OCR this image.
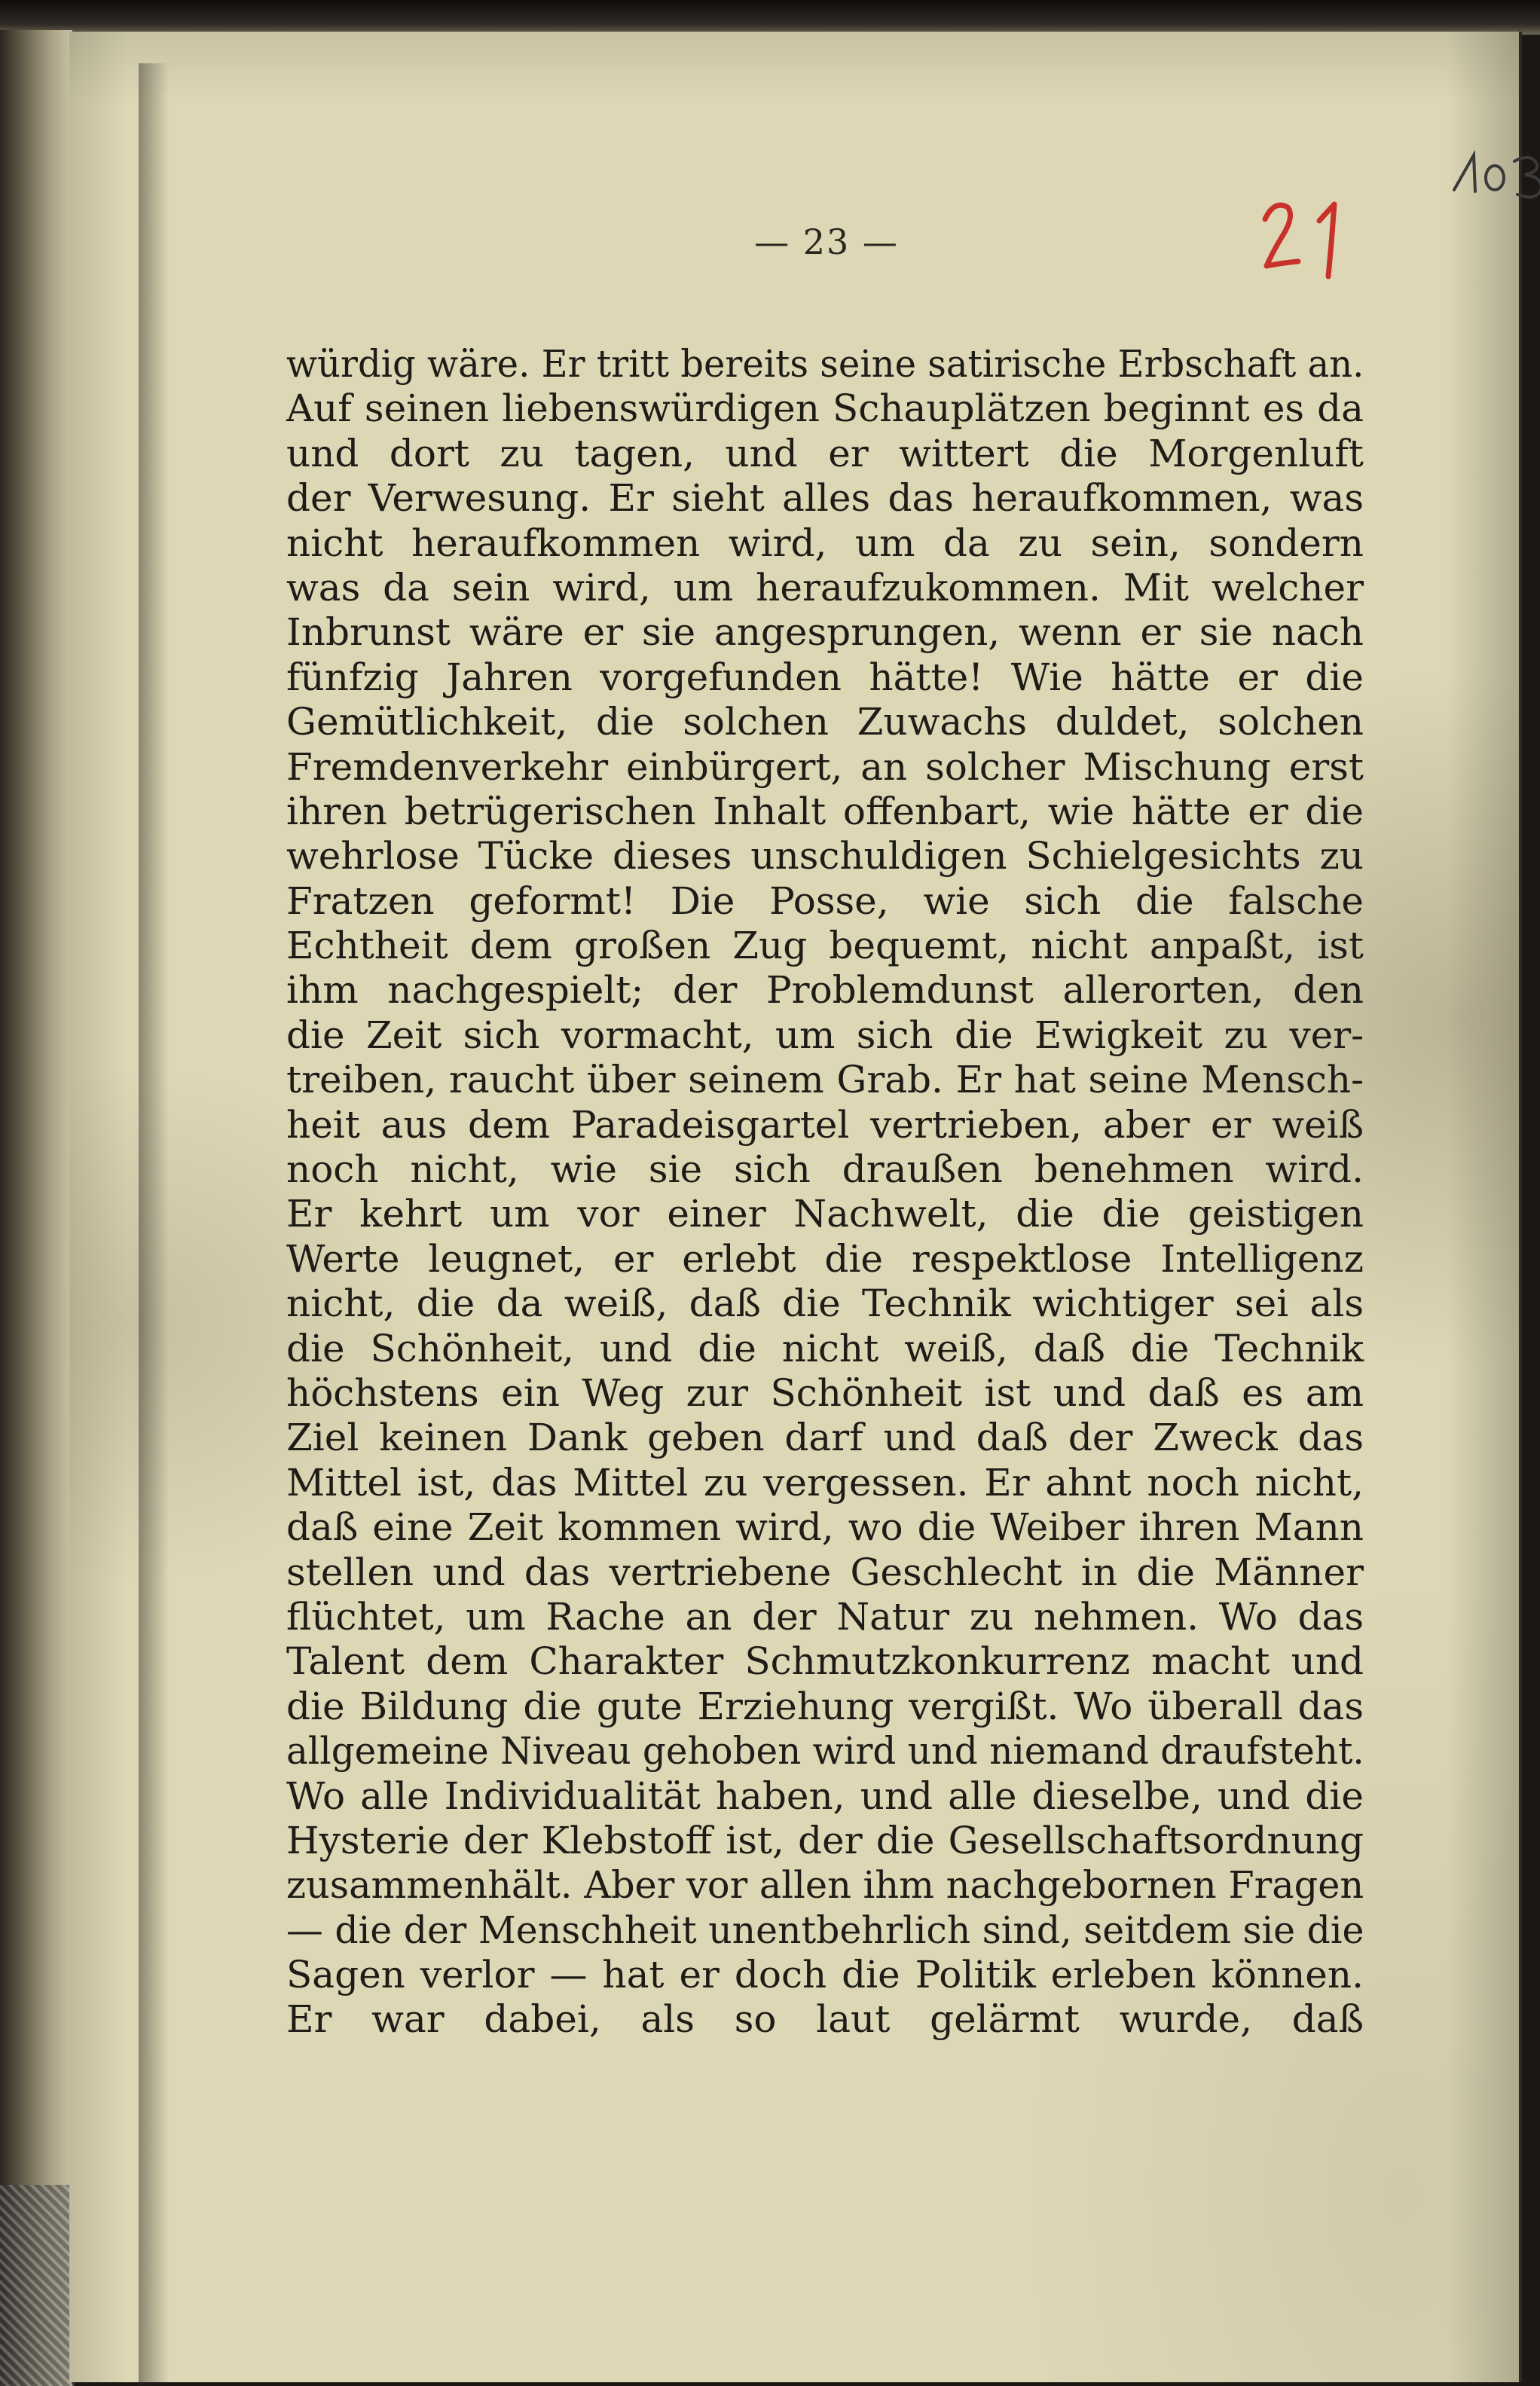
— 23 —
würdig wäre. Er tritt bereits seine satirische Erbschaft an.
Auf seinen liebenswürdigen Schauplätzen beginnt es da
und dort zu tagen, und er wittert die Morgenluft
der Verwesung. Er sieht alles das heraufkommen, was
nicht heraufkommen wird, um da zu sein, sondern
was da sein wird, um heraufzukommen. Mit welcher
Inbrunst wäre er sie angesprungen, wenn er sie nach
fünfzig Jahren vorgefunden hätte! Wie hätte er die
Gemütlichkeit, die solchen Zuwachs duldet, solchen
Fremdenverkehr einbürgert, an solcher Mischung erst
ihren betrügerischen Inhalt offenbart, wie hätte er die
wehrlose Tücke dieses unschuldigen Schielgesichts zu
Fratzen geformt! Die Posse, wie sich die falsche
Echtheit dem großen Zug bequemt, nicht anpaßt, ist
ihm nachgespielt; der Problemdunst allerorten, den
die Zeit sich vormacht, um sich die Ewigkeit zu ver-
treiben, raucht über seinem Grab. Er hat seine Mensch-
heit aus dem Paradeisgartel vertrieben, aber er weiß
noch nicht, wie sie sich draußen benehmen wird.
Er kehrt um vor einer Nachwelt, die die geistigen
Werte leugnet, er erlebt die respektlose Intelligenz
nicht, die da weiß, daß die Technik wichtiger sei als
die Schönheit, und die nicht weiß, daß die Technik
höchstens ein Weg zur Schönheit ist und daß es am
Ziel keinen Dank geben darf und daß der Zweck das
Mittel ist, das Mittel zu vergessen. Er ahnt noch nicht,
daß eine Zeit kommen wird, wo die Weiber ihren Mann
stellen und das vertriebene Geschlecht in die Männer
flüchtet, um Rache an der Natur zu nehmen. Wo das
Talent dem Charakter Schmutzkonkurrenz macht und
die Bildung die gute Erziehung vergißt. Wo überall das
allgemeine Niveau gehoben wird und niemand draufsteht.
Wo alle Individualität haben, und alle dieselbe, und die
Hysterie der Klebstoff ist, der die Gesellschaftsordnung
zusammenhält. Aber vor allen ihm nachgebornen Fragen
— die der Menschheit unentbehrlich sind, seitdem sie die
Sagen verlor — hat er doch die Politik erleben können.
Er war dabei, als so laut gelärmt wurde, daß
